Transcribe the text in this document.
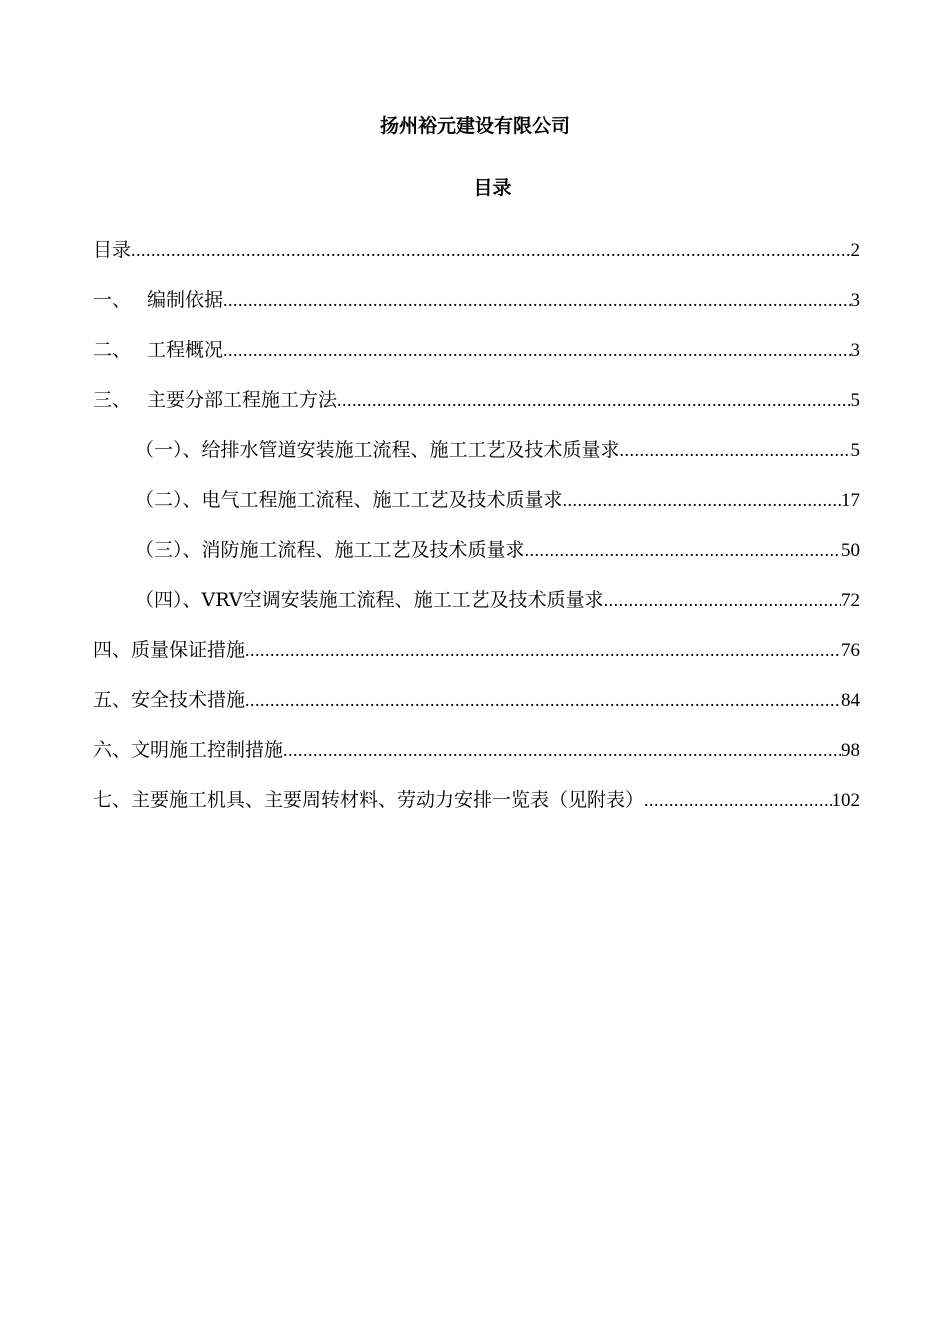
扬州裕元建设有限公司
目录
目录 .....	2
一、 编制依据 .....	3
二、 工程概况 .....	3
三、 主要分部工程施工方法 .....	5
（一）、 给排水管道安装施工流程、施工工艺及技术质量求 .....	5
（二）、 电气工程施工流程、施工工艺及技术质量求 .....	17
（三）、 消防施工流程、施工工艺及技术质量求 .....	50
（四）、 VRV空调安装施工流程、施工工艺及技术质量求 .....	72
四、 质量保证措施 .....	76
五、 安全技术措施 .....	84
六、 文明施工控制措施 .....	98
七、 主要施工机具、主要周转材料、劳动力安排一览表（见附表） .....	102
